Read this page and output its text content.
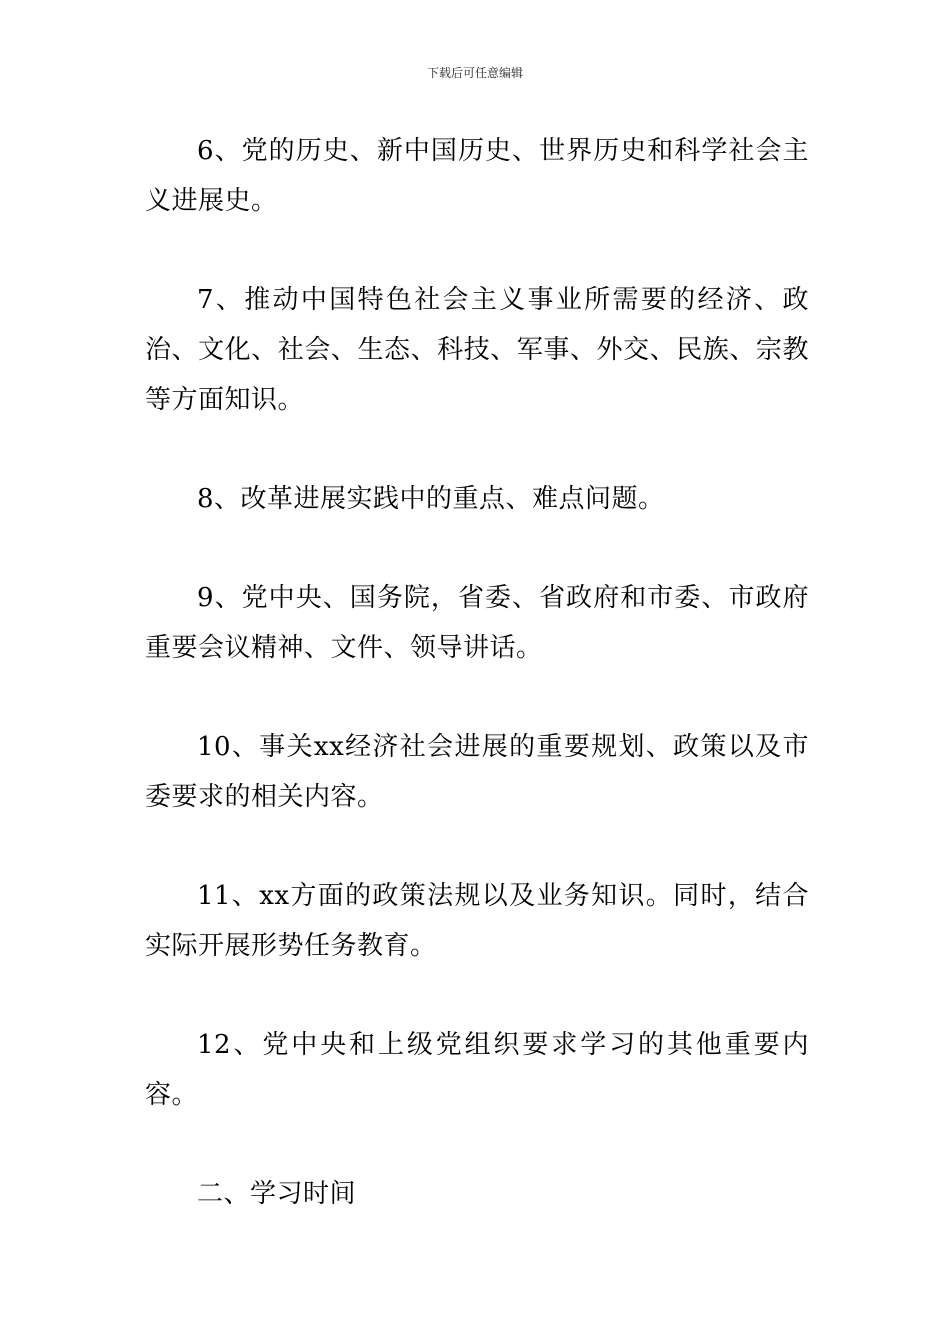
下载后可任意编辑

6、党的历史、新中国历史、世界历史和科学社会主义进展史。

7、推动中国特色社会主义事业所需要的经济、政治、文化、社会、生态、科技、军事、外交、民族、宗教等方面知识。

8、改革进展实践中的重点、难点问题。

9、党中央、国务院，省委、省政府和市委、市政府重要会议精神、文件、领导讲话。

10、事关xx经济社会进展的重要规划、政策以及市委要求的相关内容。

11、xx方面的政策法规以及业务知识。同时，结合实际开展形势任务教育。

12、党中央和上级党组织要求学习的其他重要内容。

二、学习时间
